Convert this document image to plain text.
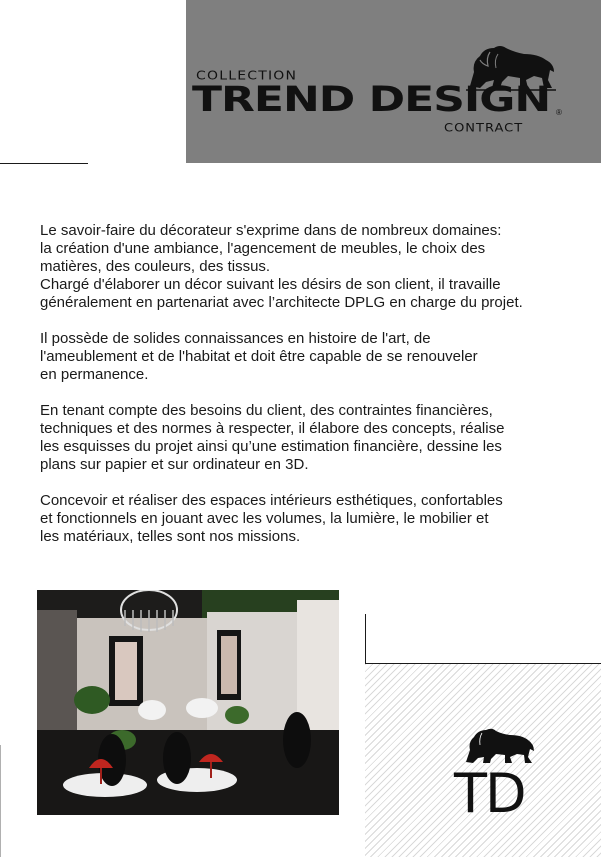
COLLECTION
TREND DESIGN
CONTRACT
®

Le savoir-faire du décorateur s'exprime dans de nombreux domaines:
la création d'une ambiance, l'agencement de meubles, le choix des
matières, des couleurs, des tissus.
Chargé d'élaborer un décor suivant les désirs de son client, il travaille
généralement en partenariat avec l’architecte DPLG en charge du projet.

Il possède de solides connaissances en histoire de l'art, de
l'ameublement et de l'habitat et doit être capable de se renouveler
en permanence.

En tenant compte des besoins du client, des contraintes financières,
techniques et des normes à respecter, il élabore des concepts, réalise
les esquisses du projet ainsi qu’une estimation financière, dessine les
plans sur papier et sur ordinateur en 3D.

Concevoir et réaliser des espaces intérieurs esthétiques, confortables
et fonctionnels en jouant avec les volumes, la lumière, le mobilier et
les matériaux, telles sont nos missions.

TD
